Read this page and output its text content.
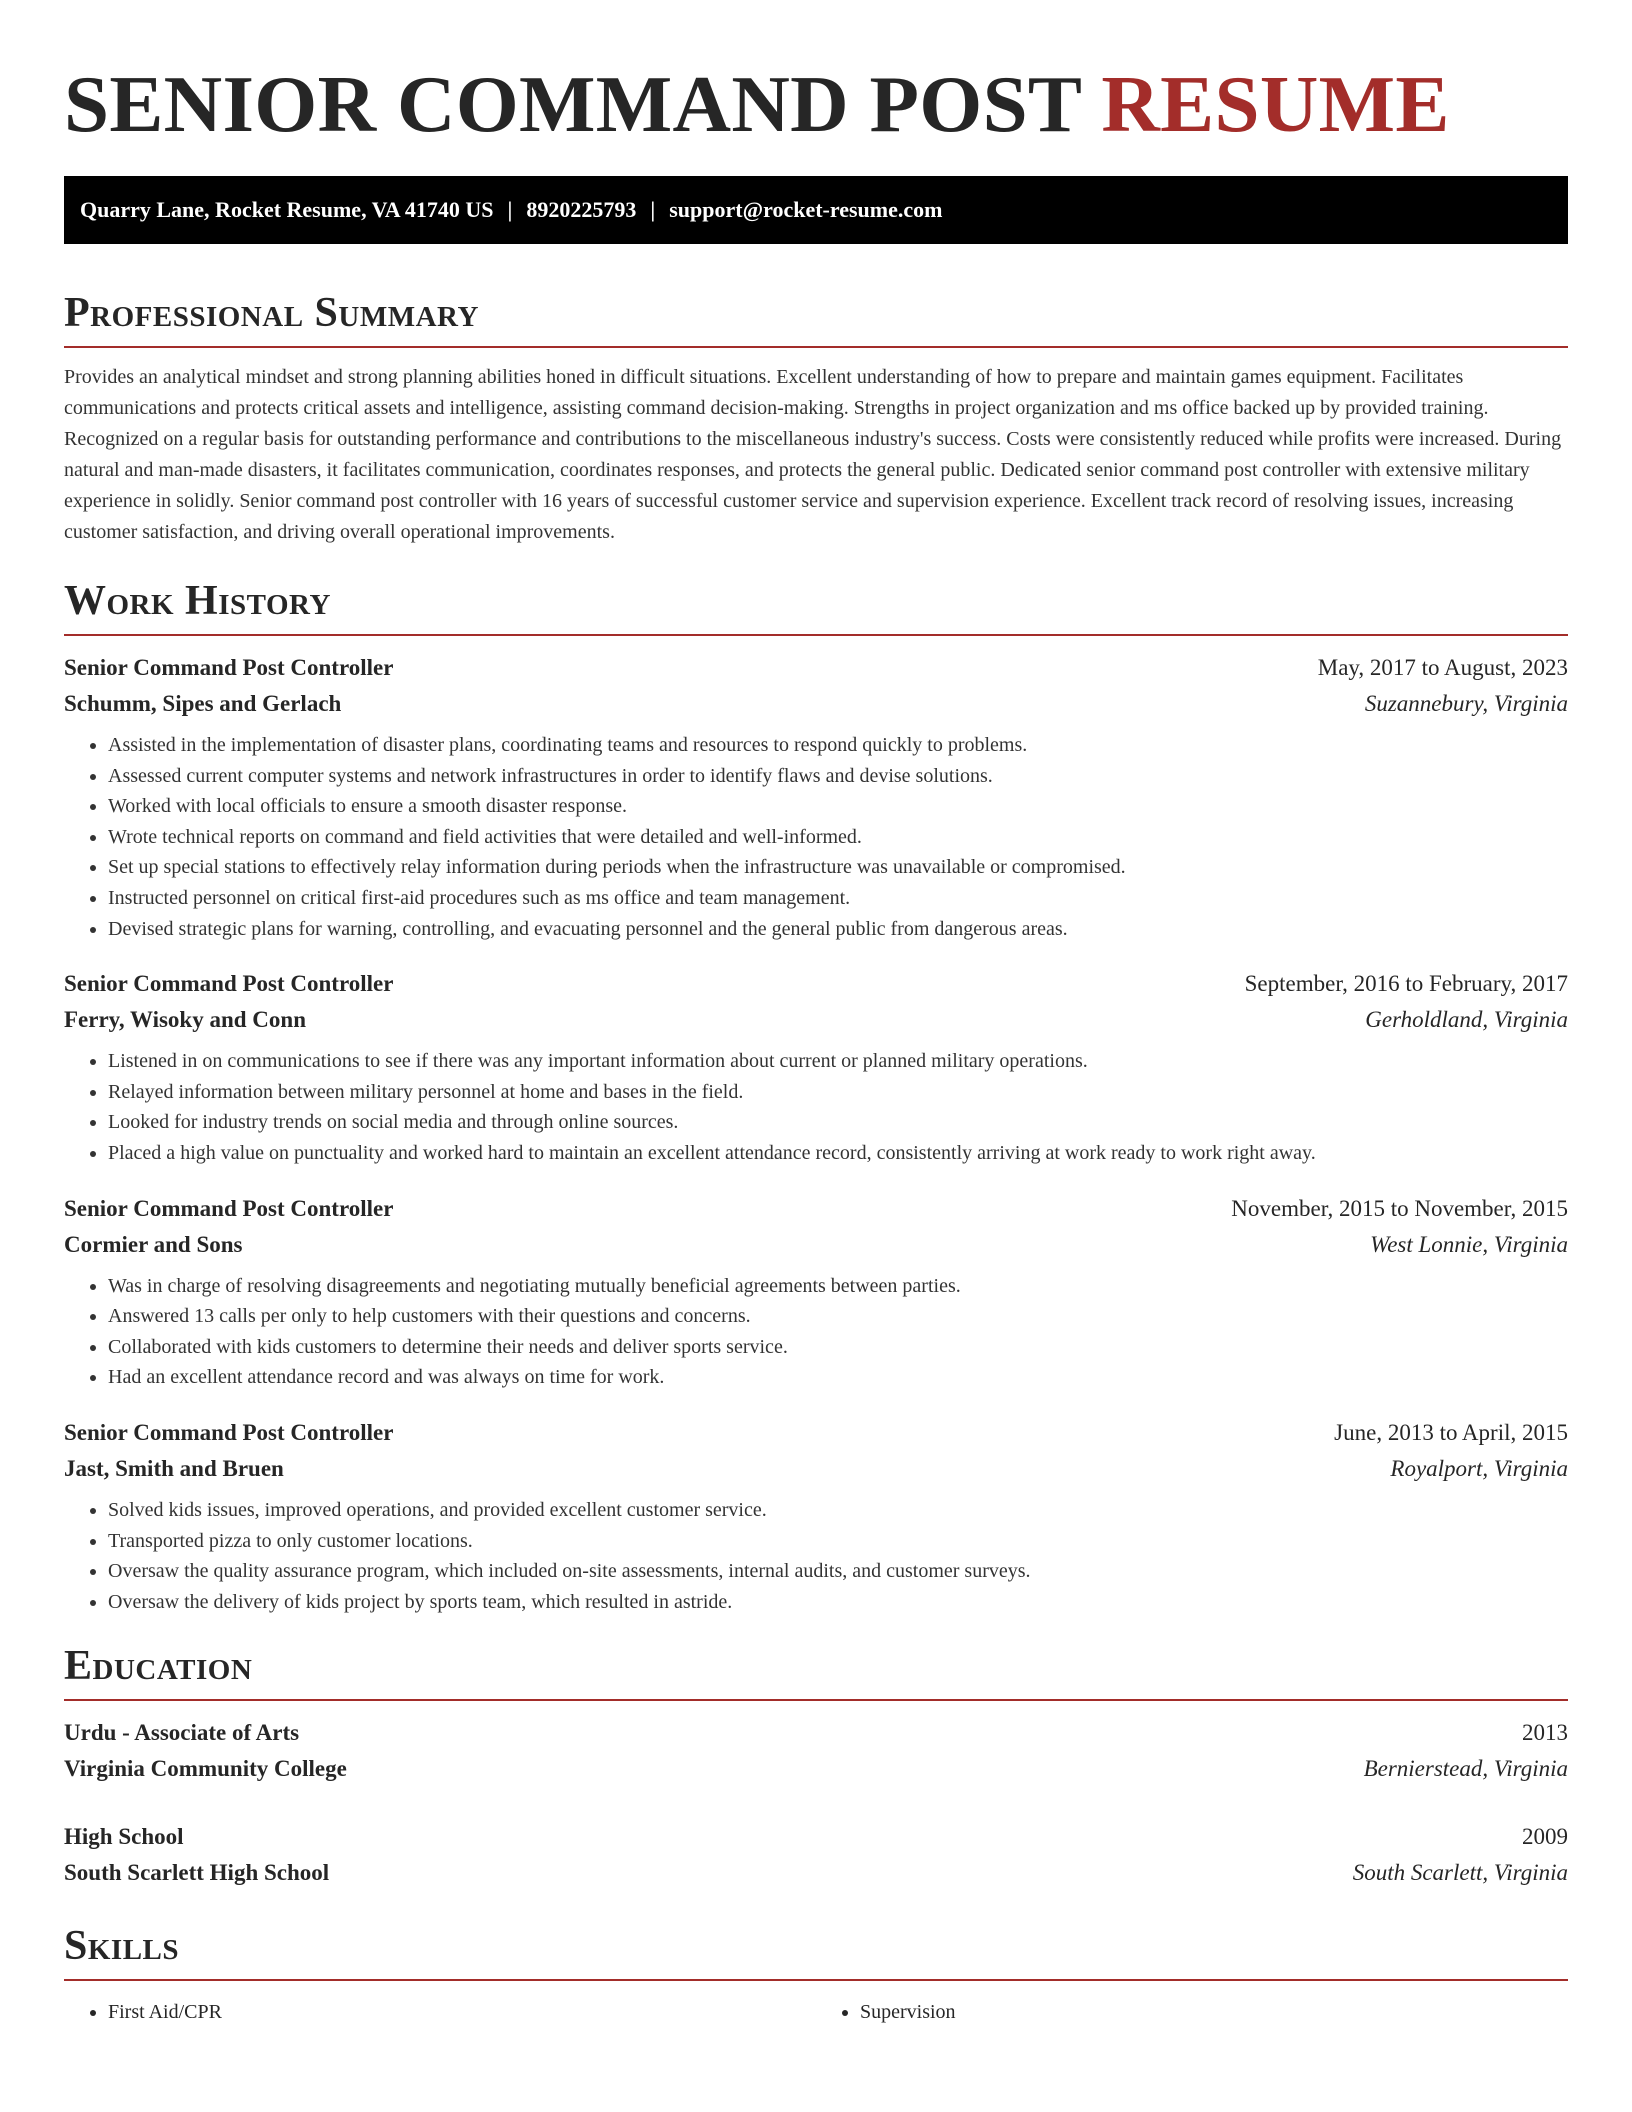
SENIOR COMMAND POST RESUME
Quarry Lane, Rocket Resume, VA 41740 US | 8920225793 | support@rocket-resume.com
Professional Summary

Provides an analytical mindset and strong planning abilities honed in difficult situations. Excellent understanding of how to prepare and maintain games equipment. Facilitates communications and protects critical assets and intelligence, assisting command decision-making. Strengths in project organization and ms office backed up by provided training. Recognized on a regular basis for outstanding performance and contributions to the miscellaneous industry's success. Costs were consistently reduced while profits were increased. During natural and man-made disasters, it facilitates communication, coordinates responses, and protects the general public. Dedicated senior command post controller with extensive military experience in solidly. Senior command post controller with 16 years of successful customer service and supervision experience. Excellent track record of resolving issues, increasing customer satisfaction, and driving overall operational improvements.

Work History
Senior Command Post Controller	May, 2017 to August, 2023
Schumm, Sipes and Gerlach	Suzannebury, Virginia
• Assisted in the implementation of disaster plans, coordinating teams and resources to respond quickly to problems.
• Assessed current computer systems and network infrastructures in order to identify flaws and devise solutions.
• Worked with local officials to ensure a smooth disaster response.
• Wrote technical reports on command and field activities that were detailed and well-informed.
• Set up special stations to effectively relay information during periods when the infrastructure was unavailable or compromised.
• Instructed personnel on critical first-aid procedures such as ms office and team management.
• Devised strategic plans for warning, controlling, and evacuating personnel and the general public from dangerous areas.
Senior Command Post Controller	September, 2016 to February, 2017
Ferry, Wisoky and Conn	Gerholdland, Virginia
• Listened in on communications to see if there was any important information about current or planned military operations.
• Relayed information between military personnel at home and bases in the field.
• Looked for industry trends on social media and through online sources.
• Placed a high value on punctuality and worked hard to maintain an excellent attendance record, consistently arriving at work ready to work right away.
Senior Command Post Controller	November, 2015 to November, 2015
Cormier and Sons	West Lonnie, Virginia
• Was in charge of resolving disagreements and negotiating mutually beneficial agreements between parties.
• Answered 13 calls per only to help customers with their questions and concerns.
• Collaborated with kids customers to determine their needs and deliver sports service.
• Had an excellent attendance record and was always on time for work.
Senior Command Post Controller	June, 2013 to April, 2015
Jast, Smith and Bruen	Royalport, Virginia
• Solved kids issues, improved operations, and provided excellent customer service.
• Transported pizza to only customer locations.
• Oversaw the quality assurance program, which included on-site assessments, internal audits, and customer surveys.
• Oversaw the delivery of kids project by sports team, which resulted in astride.
Education
Urdu - Associate of Arts	2013
Virginia Community College	Bernierstead, Virginia
High School	2009
South Scarlett High School	South Scarlett, Virginia
Skills
• First Aid/CPR
•	Supervision
